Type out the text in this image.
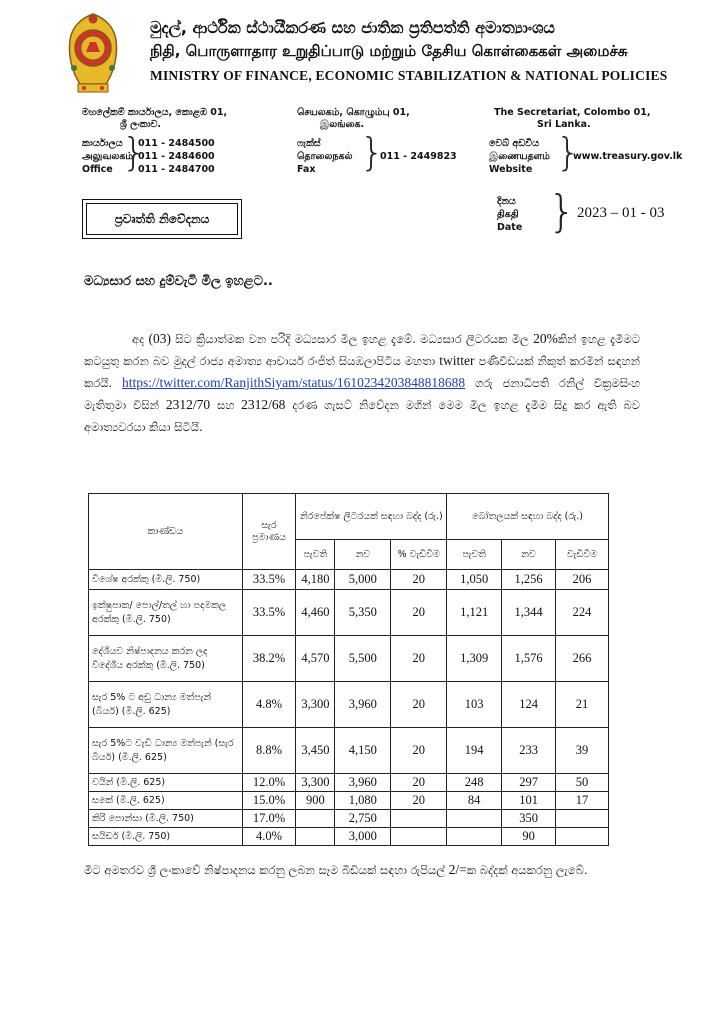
මුදල්, ආර්ථික ස්ථායීකරණ සහ ජාතික ප්‍රතිපත්ති අමාත්‍යාංශය
நிதி, பொருளாதார உறுதிப்பாடு மற்றும் தேசிய கொள்கைகள் அமைச்சு
MINISTRY OF FINANCE, ECONOMIC STABILIZATION & NATIONAL POLICIES
මහලේකම් කාර්යාලය, කොළඹ 01,
ශ්‍රී ලංකාව.
செயலகம், கொழும்பு 01,
இலங்கை.
The Secretariat, Colombo 01,
Sri Lanka.
කාර්යාලය
அலுவலகம்
Office }
011 - 2484500
011 - 2484600
011 - 2484700
ෆැක්ස්
தொலைநகல்
Fax }
011 - 2449823
වෙබ් අඩවිය
இணையதளம்
Website }
www.treasury.gov.lk
ප්‍රවෘත්ති නිවේදනය
දිනය
திகதி
Date } 2023 – 01 - 03
මධ්‍යසාර සහ දුම්වැටි මිල ඉහළට..
අද (03) සිට ක්‍රියාත්මක වන පරිදි මධ්‍යසාර මිල ඉහළ දැමේ. මධ්‍යසාර ලීටරයක මිල 20%කින් ඉහළ දැමීමට කටයුතු කරන බව මුදල් රාජ්‍ය අමාත්‍ය ආචාර්ය රංජිත් සියඹලාපිටිය මහතා twitter පණිවිඩයක් නිකුත් කරමින් සඳහන් කරයි. https://twitter.com/RanjithSiyam/status/1610234203848818688 ගරු ජනාධිපති රනිල් වික්‍රමසිංහ මැතිතුමා විසින් 2312/70 සහ 2312/68 දරණ ගැසට් නිවේදන මගින් මෙම මිල ඉහළ දැමීම සිදු කර ඇති බව අමාත්‍යවරයා කියා සිටියි.
කාණ්ඩය	සැර ප්‍රමාණය	නිරපේක්ෂ ලීටරයක් සඳහා බද්ද (රු.)			බෝතලයක් සඳහා බද්ද (රු.)		
		පැවති	නව	% වැඩිවීම	පැවති	නව	වැඩිවීම
විශේෂ අරක්කු (මි.ලි. 750)	33.5%	4,180	5,000	20	1,050	1,256	206
ඉක්ෂුපාක/ පොල්/තල් හා පදමකල අරක්කු (මි.ලි. 750)	33.5%	4,460	5,350	20	1,121	1,344	224
දේශීයව නිෂ්පාදනය කරන ලද විදේශීය අරක්කු (මි.ලි. 750)	38.2%	4,570	5,500	20	1,309	1,576	266
සැර 5% ට අඩු ධාන්‍ය මත්පැන් (බියර්) (මි.ලි. 625)	4.8%	3,300	3,960	20	103	124	21
සැර 5%ට වැඩි ධාන්‍ය මත්පැන් (සැර බියර්) (මි.ලි. 625)	8.8%	3,450	4,150	20	194	233	39
වයින් (මි.ලි. 625)	12.0%	3,300	3,960	20	248	297	50
සකේ (මි.ලි. 625)	15.0%	900	1,080	20	84	101	17
කිරි පොන්සා (මි.ලි. 750)	17.0%		2,750			350	
සයිඩර් (මි.ලි. 750)	4.0%		3,000			90	
මීට අමතරව ශ්‍රී ලංකාවේ නිෂ්පාදනය කරනු ලබන සෑම බීඩියක් සඳහා රුපියල් 2/=ක බද්දක් අයකරනු ලැබේ.
